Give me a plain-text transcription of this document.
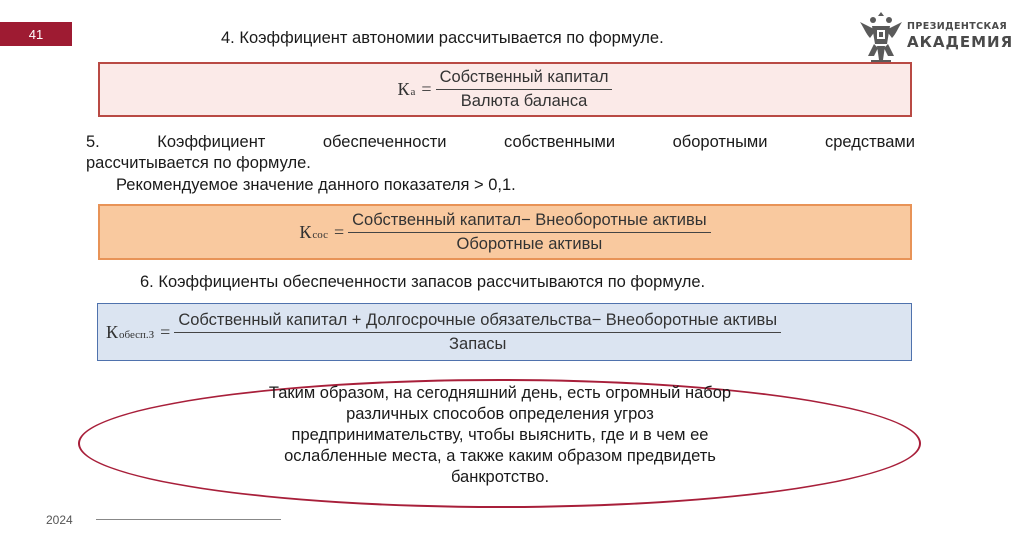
41	ПРЕЗИДЕНТСКАЯ
АКАДЕМИЯ

4. Коэффициент автономии рассчитывается по формуле.

К $а = \frac{\text{Собственный капитал}}{\text{Валюта баланса}}$

5. Коэффициент обеспеченности собственными оборотными средствами

рассчитывается по формуле.

Рекомендуемое значение данного показателя > 0,1.

К сос = $\frac{\text{Собственный капитал− Внеоборотные активы}}{\text{Оборотные активы}}$

6. Коэффициенты обеспеченности запасов рассчитываются по формуле.

К обесп.З =
Собственный капитал + Долгосрочные обязательства− Внеоборотные активы
Запасы
Таким образом, на сегодняшний день, есть огромный набор
различных способов определения угроз
предпринимательству, чтобы выяснить, где и в чем ее
ослабленные места, а также каким образом предвидеть
банкротство.
2024
